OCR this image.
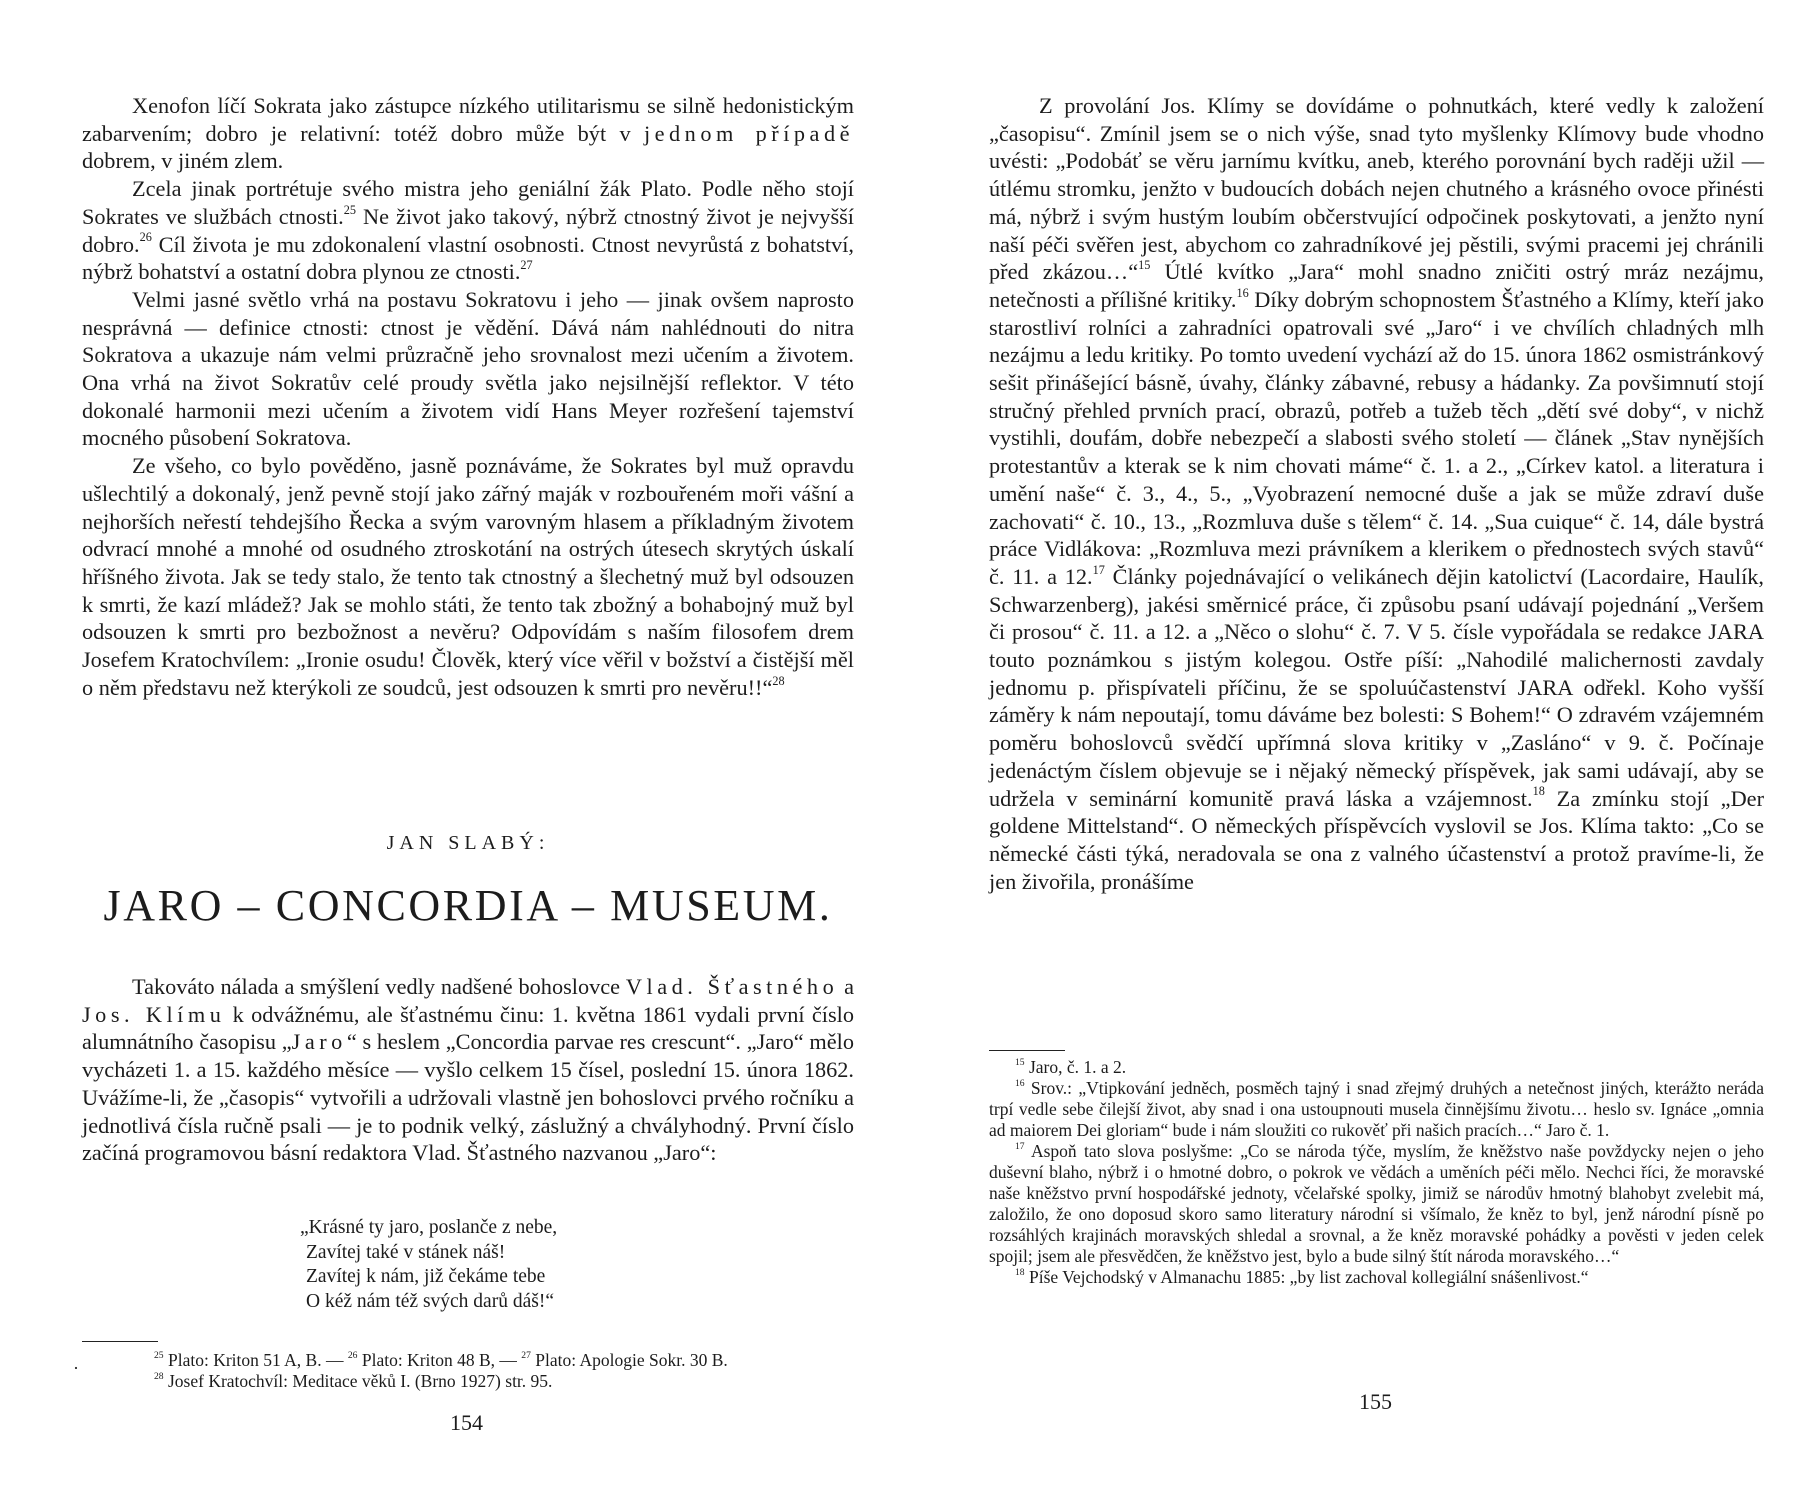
Xenofon líčí Sokrata jako zástupce nízkého utilitarismu se silně hedonistickým zabarvením; dobro je relativní: totéž dobro může být v jednom případě dobrem, v jiném zlem.

Zcela jinak portrétuje svého mistra jeho geniální žák Plato. Podle něho stojí Sokrates ve službách ctnosti.$^{25}$ Ne život jako takový, nýbrž ctnostný život je nejvyšší dobro.$^{26}$ Cíl života je mu zdokonalení vlastní osobnosti. Ctnost nevyrůstá z bohatství, nýbrž bohatství a ostatní dobra plynou ze ctnosti.$^{27}$

Velmi jasné světlo vrhá na postavu Sokratovu i jeho — jinak ovšem naprosto nesprávná — definice ctnosti: ctnost je vědění. Dává nám nahlédnouti do nitra Sokratova a ukazuje nám velmi průzračně jeho srovnalost mezi učením a životem. Ona vrhá na život Sokratův celé proudy světla jako nejsilnější reflektor. V této dokonalé harmonii mezi učením a životem vidí Hans Meyer rozřešení tajemství mocného působení Sokratova.

Ze všeho, co bylo pověděno, jasně poznáváme, že Sokrates byl muž opravdu ušlechtilý a dokonalý, jenž pevně stojí jako zářný maják v rozbouřeném moři vášní a nejhorších neřestí tehdejšího Řecka a svým varovným hlasem a příkladným životem odvrací mnohé a mnohé od osudného ztroskotání na ostrých útesech skrytých úskalí hříšného života. Jak se tedy stalo, že tento tak ctnostný a šlechetný muž byl odsouzen k smrti, že kazí mládež? Jak se mohlo státi, že tento tak zbožný a bohabojný muž byl odsouzen k smrti pro bezbožnost a nevěru? Odpovídám s naším filosofem drem Josefem Kratochvílem: „Ironie osudu! Člověk, který více věřil v božství a čistější měl o něm představu než kterýkoli ze soudců, jest odsouzen k smrti pro nevěru!!“$^{28}$

JAN SLABÝ:
JARO – CONCORDIA – MUSEUM.

Takováto nálada a smýšlení vedly nadšené bohoslovce Vlad. Šťastného a Jos. Klímu k odvážnému, ale šťastnému činu: 1. května 1861 vydali první číslo alumnátního časopisu „Jaro“ s heslem „Concordia parvae res crescunt“. „Jaro“ mělo vycházeti 1. a 15. každého měsíce — vyšlo celkem 15 čísel, poslední 15. února 1862. Uvážíme-li, že „časopis“ vytvořili a udržovali vlastně jen bohoslovci prvého ročníku a jednotlivá čísla ručně psali — je to podnik velký, záslužný a chvályhodný. První číslo začíná programovou básní redaktora Vlad. Šťastného nazvanou „Jaro“:

„Krásné ty jaro, poslanče z nebe,
Zavítej také v stánek náš!
Zavítej k nám, již čekáme tebe
O kéž nám též svých darů dáš!“
·

$^{25}$ Plato: Kriton 51 A, B. — $^{26}$ Plato: Kriton 48 B, — $^{27}$ Plato: Apologie Sokr. 30 B.

$^{28}$ Josef Kratochvíl: Meditace věků I. (Brno 1927) str. 95.

154

Z provolání Jos. Klímy se dovídáme o pohnutkách, které vedly k založení „časopisu“. Zmínil jsem se o nich výše, snad tyto myšlenky Klímovy bude vhodno uvésti: „Podobáť se věru jarnímu kvítku, aneb, kterého porovnání bych raději užil — útlému stromku, jenžto v budoucích dobách nejen chutného a krásného ovoce přinésti má, nýbrž i svým hustým loubím občerstvující odpočinek poskytovati, a jenžto nyní naší péči svěřen jest, abychom co zahradníkové jej pěstili, svými pracemi jej chránili před zkázou…“$^{15}$ Útlé kvítko „Jara“ mohl snadno zničiti ostrý mráz nezájmu, netečnosti a přílišné kritiky.$^{16}$ Díky dobrým schopnostem Šťastného a Klímy, kteří jako starostliví rolníci a zahradníci opatrovali své „Jaro“ i ve chvílích chladných mlh nezájmu a ledu kritiky. Po tomto uvedení vychází až do 15. února 1862 osmistránkový sešit přinášející básně, úvahy, články zábavné, rebusy a hádanky. Za povšimnutí stojí stručný přehled prvních prací, obrazů, potřeb a tužeb těch „dětí své doby“, v nichž vystihli, doufám, dobře nebezpečí a slabosti svého století — článek „Stav nynějších protestantův a kterak se k nim chovati máme“ č. 1. a 2., „Církev katol. a literatura i umění naše“ č. 3., 4., 5., „Vyobrazení nemocné duše a jak se může zdraví duše zachovati“ č. 10., 13., „Rozmluva duše s tělem“ č. 14. „Sua cuique“ č. 14, dále bystrá práce Vidlákova: „Rozmluva mezi právníkem a klerikem o přednostech svých stavů“ č. 11. a 12.17 Články pojednávající o velikánech dějin katolictví (Lacordaire, Haulík, Schwarzenberg), jakési směrnicé práce, či způsobu psaní udávají pojednání „Veršem či prosou“ č. 11. a 12. a „Něco o slohu“ č. 7. V 5. čísle vypořádala se redakce JARA touto poznámkou s jistým kolegou. Ostře píší: „Nahodilé malichernosti zavdaly jednomu p. přispívateli příčinu, že se spoluúčastenství JARA odřekl. Koho vyšší záměry k nám nepoutají, tomu dáváme bez bolesti: S Bohem!“ O zdravém vzájemném poměru bohoslovců svědčí upřímná slova kritiky v „Zasláno“ v 9. č. Počínaje jedenáctým číslem objevuje se i nějaký německý příspěvek, jak sami udávají, aby se udržela v seminární komunitě pravá láska a vzájemnost.$^{18}$ Za zmínku stojí „Der goldene Mittelstand“. O německých příspěvcích vyslovil se Jos. Klíma takto: „Co se německé části týká, neradovala se ona z valného účastenství a protož pravíme-li, že jen živořila, pronášíme

$^{15}$ Jaro, č. 1. a 2.

$^{16}$ Srov.: „Vtipkování jedněch, posměch tajný i snad zřejmý druhých a netečnost jiných, kterážto neráda trpí vedle sebe čilejší život, aby snad i ona ustoupnouti musela činnějšímu životu… heslo sv. Ignáce „omnia ad maiorem Dei gloriam“ bude i nám sloužiti co rukověť při našich pracích…“ Jaro č. 1.

$^{17}$ Aspoň tato slova poslyšme: „Co se národa týče, myslím, že kněžstvo naše povždycky nejen o jeho duševní blaho, nýbrž i o hmotné dobro, o pokrok ve vědách a uměních péči mělo. Nechci říci, že moravské naše kněžstvo první hospodářské jednoty, včelařské spolky, jimiž se národův hmotný blahobyt zvelebit má, založilo, že ono doposud skoro samo literatury národní si všímalo, že kněz to byl, jenž národní písně po rozsáhlých krajinách moravských shledal a srovnal, a že kněz moravské pohádky a pověsti v jeden celek spojil; jsem ale přesvědčen, že kněžstvo jest, bylo a bude silný štít národa moravského…“

$^{18}$ Píše Vejchodský v Almanachu 1885: „by list zachoval kollegiální snášenlivost.“

155
